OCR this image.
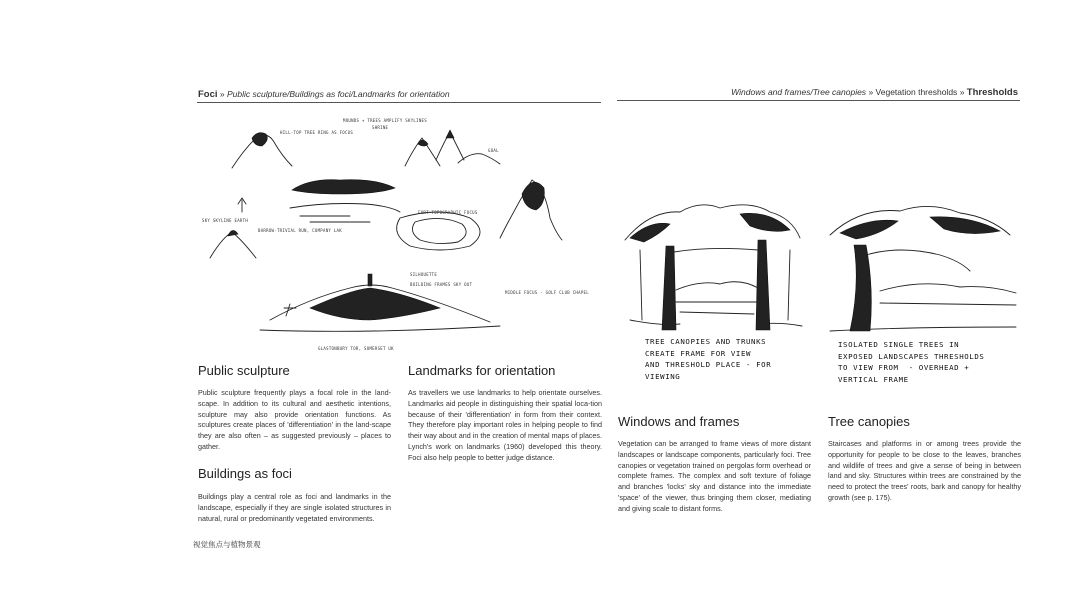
Foci » Public sculpture/Buildings as foci/Landmarks for orientation	Windows and frames/Tree canopies » Vegetation thresholds » Thresholds
MOUNDS + TREES AMPLIFY SKYLINES
SHRINE
HILL-TOP TREE RING AS FOCUS
GOAL
SKY SKYLINE EARTH
BARROW-TRIVIAL RUN, COMPANY LAK
FORT-TOPOGRAPHIC FOCUS
SILHOUETTE
BUILDING FRAMES SKY OUT
MIDDLE FOCUS - GOLF CLUB CHAPEL
GLASTONBURY TOR, SOMERSET UK
TREE CANOPIES AND TRUNKS
CREATE FRAME FOR VIEW
AND THRESHOLD PLACE - FOR
VIEWING
ISOLATED SINGLE TREES IN
EXPOSED LANDSCAPES THRESHOLDS
TO VIEW FROM  - OVERHEAD +
VERTICAL FRAME
Public sculpture
Public sculpture frequently plays a focal role in the land-scape. In addition to its cultural and aesthetic intentions, sculpture may also provide orientation functions. As sculptures create places of 'differentiation' in the land-scape they are also often – as suggested previously – places to gather.
Buildings as foci
Buildings play a central role as foci and landmarks in the landscape, especially if they are single isolated structures in natural, rural or predominantly vegetated environments.
Landmarks for orientation
As travellers we use landmarks to help orientate ourselves. Landmarks aid people in distinguishing their spatial loca-tion because of their 'differentiation' in form from their context. They therefore play important roles in helping people to find their way about and in the creation of mental maps of places. Lynch's work on landmarks (1960) developed this theory. Foci also help people to better judge distance.
视觉焦点与植物景观
Windows and frames
Vegetation can be arranged to frame views of more distant landscapes or landscape components, particularly foci. Tree canopies or vegetation trained on pergolas form overhead or complete frames. The complex and soft texture of foliage and branches 'locks' sky and distance into the immediate 'space' of the viewer, thus bringing them closer, mediating and giving scale to distant forms.
Tree canopies
Staircases and platforms in or among trees provide the opportunity for people to be close to the leaves, branches and wildlife of trees and give a sense of being in between land and sky. Structures within trees are constrained by the need to protect the trees' roots, bark and canopy for healthy growth (see p. 175).
